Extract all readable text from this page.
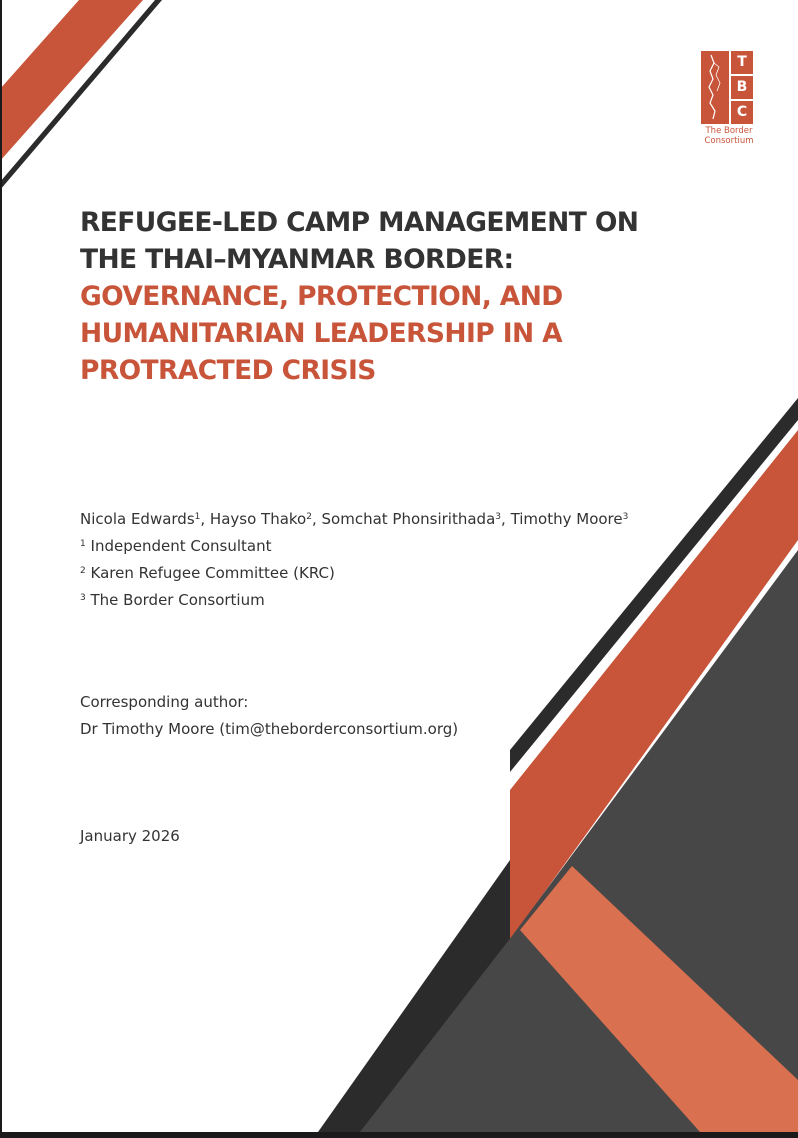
T
B
C
The Border
Consortium
REFUGEE-LED CAMP MANAGEMENT ON
THE THAI–MYANMAR BORDER:
GOVERNANCE, PROTECTION, AND
HUMANITARIAN LEADERSHIP IN A
PROTRACTED CRISIS
Nicola Edwards$^1$, Hayso Thako$^2$, Somchat Phonsirithada$^3$, Timothy Moore$^3$
$^1$ Independent Consultant
$^2$ Karen Refugee Committee (KRC)
$^3$ The Border Consortium
Corresponding author:
Dr Timothy Moore (tim@theborderconsortium.org)
January 2026
